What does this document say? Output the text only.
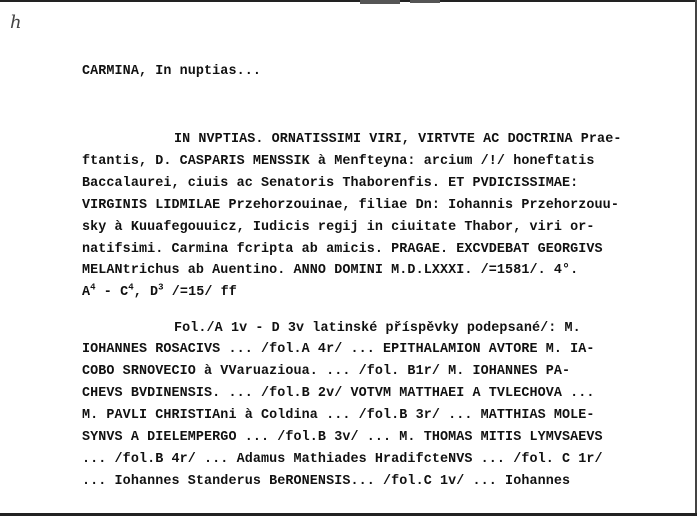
h
CARMINA, In nuptias...
IN NVPTIAS. ORNATISSIMI VIRI, VIRTVTE AC DOCTRINA Prae-
ftantis, D. CASPARIS MENSSIK à Menfteyna: arcium /!/ honeftatis
Baccalaurei, ciuis ac Senatoris Thaborenfis. ET PVDICISSIMAE:
VIRGINIS LIDMILAE Przehorzouinae, filiae Dn: Iohannis Przehorzouu-
sky à Kuuafegouuicz, Iudicis regij in ciuitate Thabor, viri or-
natifsimi. Carmina fcripta ab amicis. PRAGAE. EXCVDEBAT GEORGIVS
MELANtrichus ab Auentino. ANNO DOMINI M.D.LXXXI. /=1581/. 4°.
$A^4 - C^4$, $D^3$ /=15/ ff
Fol./A 1v - D 3v latinské příspěvky podepsané/: M.
IOHANNES ROSACIVS ... /fol.A 4r/ ... EPITHALAMION AVTORE M. IA-
COBO SRNOVECIO à VVaruazioua. ... /fol. B1r/ M. IOHANNES PA-
CHEVS BVDINENSIS. ... /fol.B 2v/ VOTVM MATTHAEI A TVLECHOVA ...
M. PAVLI CHRISTIAni à Coldina ... /fol.B 3r/ ... MATTHIAS MOLE-
SYNVS A DIELEMPERGO ... /fol.B 3v/ ... M. THOMAS MITIS LYMVSAEVS
... /fol.B 4r/ ... Adamus Mathiades HradifcteNVS ... /fol. C 1r/
... Iohannes Standerus BeRONENSIS... /fol.C 1v/ ... Iohannes
